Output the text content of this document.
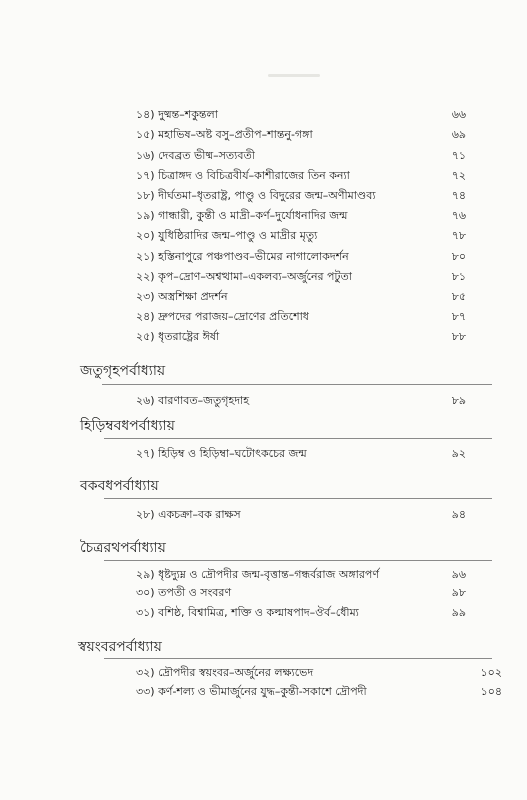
১৪) দুষ্মন্ত–শকুন্তলা	৬৬
১৫) মহাভিষ–অষ্ট বসু–প্রতীপ–শান্তনু-গঙ্গা	৬৯
১৬) দেবব্রত ভীষ্ম–সত্যবতী	৭১
১৭) চিত্রাঙ্গদ ও বিচিত্রবীর্য–কাশীরাজের তিন কন্যা	৭২
১৮) দীর্ঘতমা–ধৃতরাষ্ট্র, পাণ্ডু ও বিদুরের জন্ম–অণীমাণ্ডব্য	৭৪
১৯) গান্ধারী, কুন্তী ও মাদ্রী–কর্ণ–দুর্যোধনাদির জন্ম	৭৬
২০) যুধিষ্ঠিরাদির জন্ম–পাণ্ডু ও মাদ্রীর মৃত্যু	৭৮
২১) হস্তিনাপুরে পঞ্চপাণ্ডব–ভীমের নাগালোকদর্শন	৮০
২২) কৃপ–দ্রোণ–অশ্বত্থামা–একলব্য–অর্জুনের পটুতা	৮১
২৩) অস্ত্রশিক্ষা প্রদর্শন	৮৫
২৪) দ্রুপদের পরাজয়–দ্রোণের প্রতিশোধ	৮৭
২৫) ধৃতরাষ্ট্রের ঈর্ষা	৮৮
জতুগৃহপর্বাধ্যায়
২৬) বারণাবত–জতুগৃহদাহ	৮৯
হিড়িম্ববধপর্বাধ্যায়
২৭) হিড়িম্ব ও হিড়িম্বা–ঘটোৎকচের জন্ম	৯২
বকবধপর্বাধ্যায়
২৮) একচক্রা–বক রাক্ষস	৯৪
চৈত্ররথপর্বাধ্যায়
২৯) ধৃষ্টদ্যুম্ন ও দ্রৌপদীর জন্ম-বৃত্তান্ত–গন্ধর্বরাজ অঙ্গারপর্ণ	৯৬
৩০) তপতী ও সংবরণ	৯৮
৩১) বশিষ্ঠ, বিশ্বামিত্র, শক্তি ও কল্মাষপাদ–ঔর্ব–ধৌম্য	৯৯
স্বয়ংবরপর্বাধ্যায়
৩২) দ্রৌপদীর স্বয়ংবর–অর্জুনের লক্ষ্যভেদ	১০২
৩৩) কর্ণ-শল্য ও ভীমার্জুনের যুদ্ধ–কুন্তী-সকাশে দ্রৌপদী	১০৪
